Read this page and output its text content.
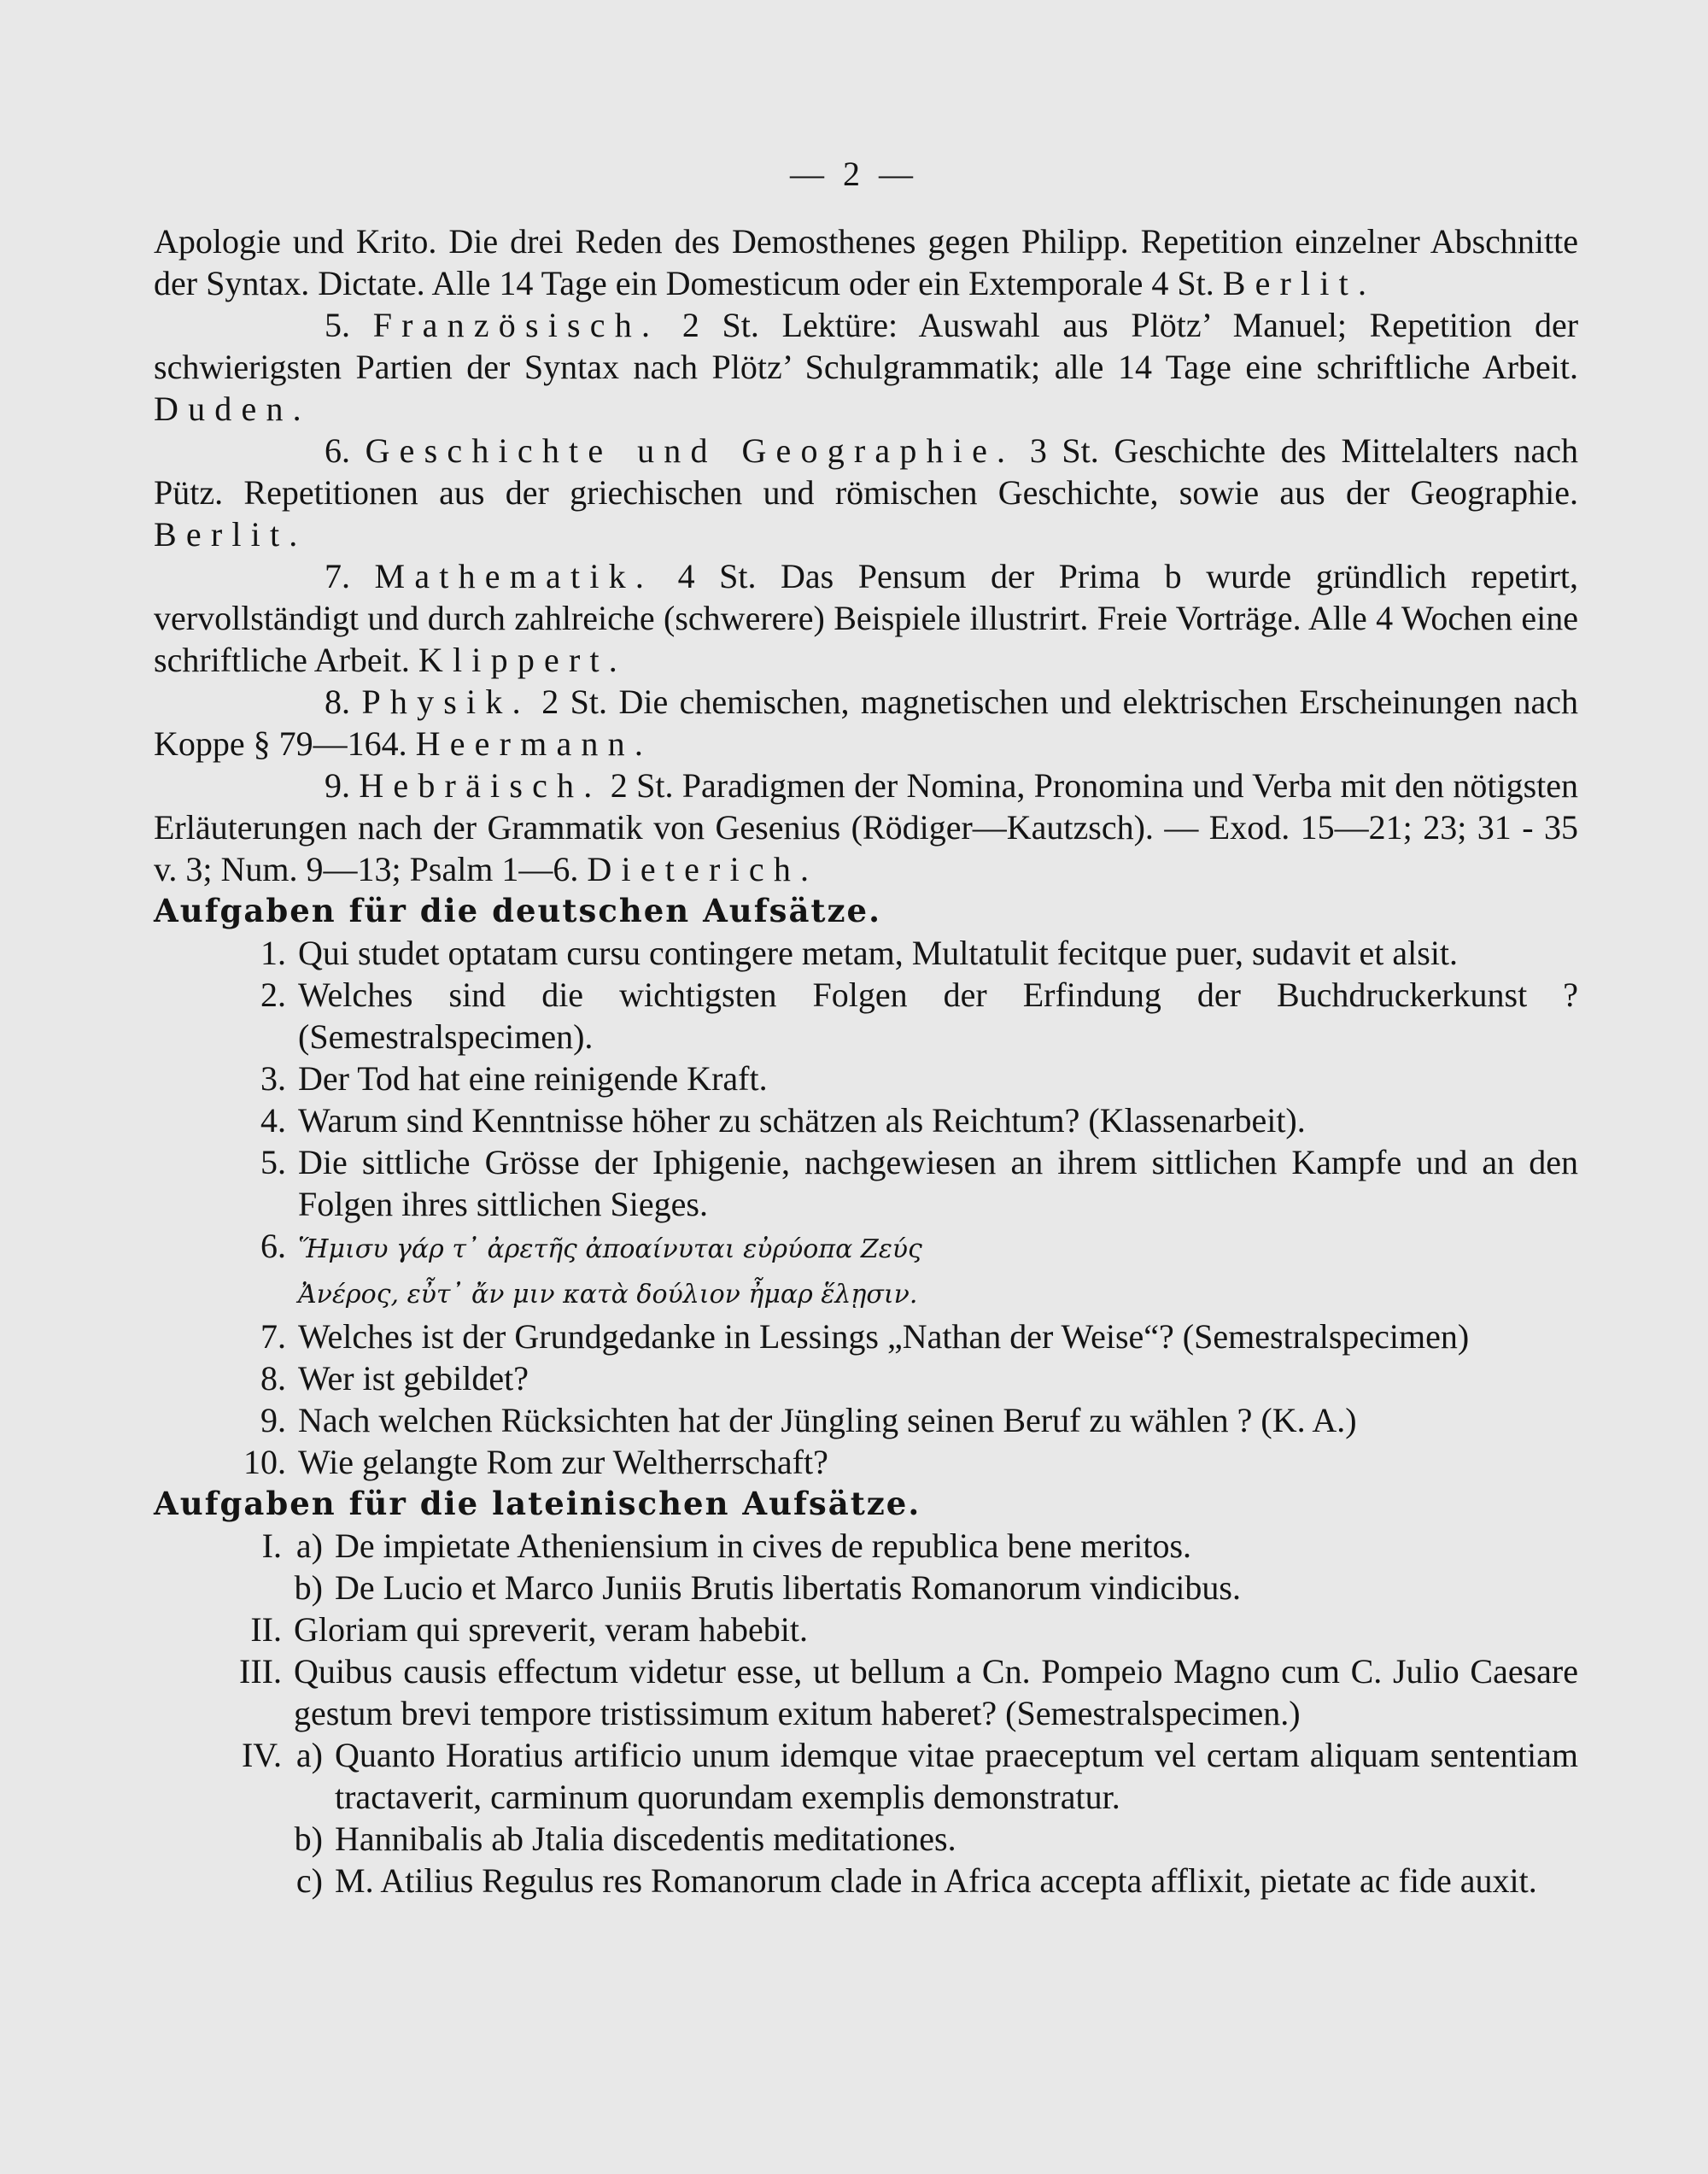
— 2 —

Apologie und Krito. Die drei Reden des Demosthenes gegen Philipp. Repetition einzelner Abschnitte der Syntax. Dictate. Alle 14 Tage ein Domesticum oder ein Extemporale 4 St. Berlit.

5. Französisch. 2 St. Lektüre: Auswahl aus Plötz’ Manuel; Repetition der schwierigsten Partien der Syntax nach Plötz’ Schulgrammatik; alle 14 Tage eine schriftliche Arbeit. Duden.

6. Geschichte und Geographie. 3 St. Geschichte des Mittelalters nach Pütz. Repetitionen aus der griechischen und römischen Geschichte, sowie aus der Geographie. Berlit.

7. Mathematik. 4 St. Das Pensum der Prima b wurde gründlich repetirt, vervollständigt und durch zahlreiche (schwerere) Beispiele illustrirt. Freie Vorträge. Alle 4 Wochen eine schriftliche Arbeit. Klippert.

8. Physik. 2 St. Die chemischen, magnetischen und elektrischen Erscheinungen nach Koppe § 79—164. Heermann.

9. Hebräisch. 2 St. Paradigmen der Nomina, Pronomina und Verba mit den nötigsten Erläuterungen nach der Grammatik von Gesenius (Rödiger—Kautzsch). — Exod. 15—21; 23; 31 - 35 v. 3; Num. 9—13; Psalm 1—6. Dieterich.

Aufgaben für die deutschen Aufsätze.

1. Qui studet optatam cursu contingere metam, Multatulit fecitque puer, sudavit et alsit.
2. Welches sind die wichtigsten Folgen der Erfindung der Buchdruckerkunst ? (Semestralspecimen).
3. Der Tod hat eine reinigende Kraft.
4. Warum sind Kenntnisse höher zu schätzen als Reichtum? (Klassenarbeit).
5. Die sittliche Grösse der Iphigenie, nachgewiesen an ihrem sittlichen Kampfe und an den Folgen ihres sittlichen Sieges.
6. Ἥμισυ γάρ τ᾽ ἀρετῆς ἀποαίνυται εὐρύοπα Ζεύς
Ἀνέρος, εὖτ᾽ ἄν μιν κατὰ δούλιον ἦμαρ ἕλῃσιν.
7. Welches ist der Grundgedanke in Lessings „Nathan der Weise“? (Semestralspecimen)
8. Wer ist gebildet?
9. Nach welchen Rücksichten hat der Jüngling seinen Beruf zu wählen ? (K. A.)
10. Wie gelangte Rom zur Weltherrschaft?

Aufgaben für die lateinischen Aufsätze.

I. a) De impietate Atheniensium in cives de republica bene meritos.
b) De Lucio et Marco Juniis Brutis libertatis Romanorum vindicibus.
II. Gloriam qui spreverit, veram habebit.
III. Quibus causis effectum videtur esse, ut bellum a Cn. Pompeio Magno cum C. Julio Caesare gestum brevi tempore tristissimum exitum haberet? (Semestralspecimen.)
IV. a) Quanto Horatius artificio unum idemque vitae praeceptum vel certam aliquam sententiam tractaverit, carminum quorundam exemplis demonstratur.
b) Hannibalis ab Jtalia discedentis meditationes.
c) M. Atilius Regulus res Romanorum clade in Africa accepta afflixit, pietate ac fide auxit.
